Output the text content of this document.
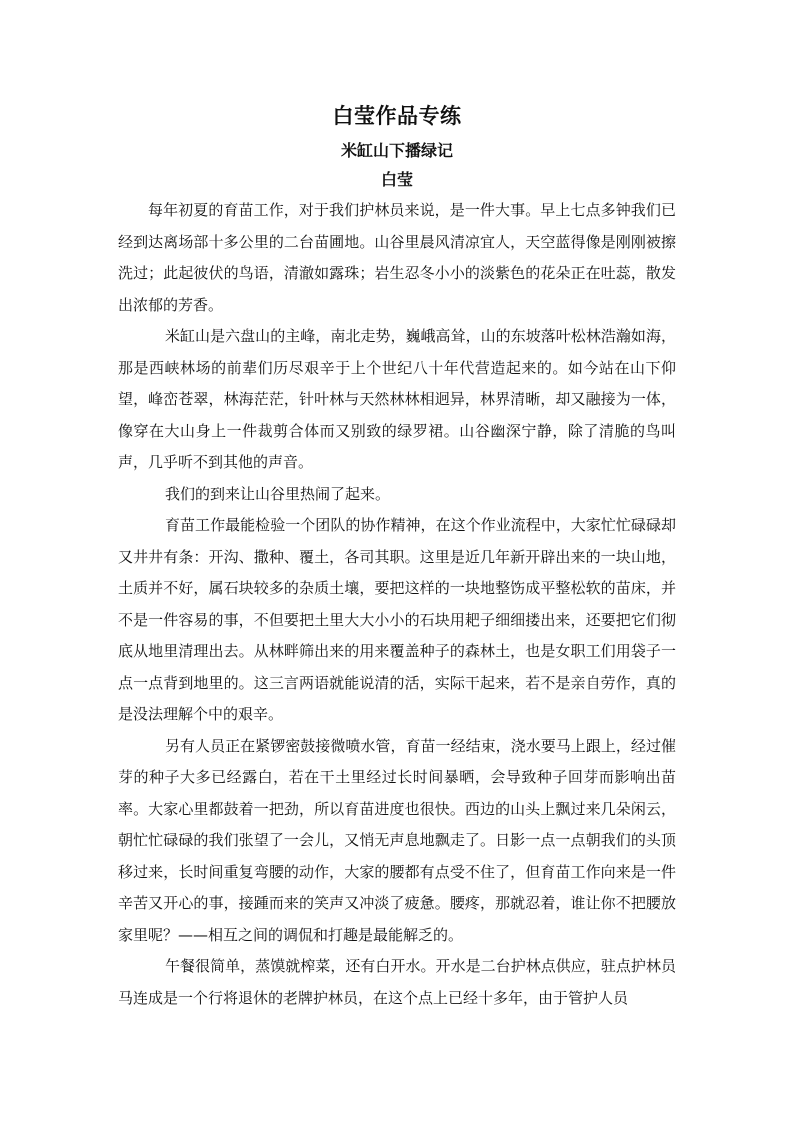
白莹作品专练
米缸山下播绿记
白莹

每年初夏的育苗工作，对于我们护林员来说，是一件大事。早上七点多钟我们已经到达离场部十多公里的二台苗圃地。山谷里晨风清凉宜人，天空蓝得像是刚刚被擦洗过；此起彼伏的鸟语，清澈如露珠；岩生忍冬小小的淡紫色的花朵正在吐蕊，散发出浓郁的芳香。

米缸山是六盘山的主峰，南北走势，巍峨高耸，山的东坡落叶松林浩瀚如海，那是西峡林场的前辈们历尽艰辛于上个世纪八十年代营造起来的。如今站在山下仰望，峰峦苍翠，林海茫茫，针叶林与天然林林相迥异，林界清晰，却又融接为一体，像穿在大山身上一件裁剪合体而又别致的绿罗裙。山谷幽深宁静，除了清脆的鸟叫声，几乎听不到其他的声音。

我们的到来让山谷里热闹了起来。

育苗工作最能检验一个团队的协作精神，在这个作业流程中，大家忙忙碌碌却又井井有条：开沟、撒种、覆土，各司其职。这里是近几年新开辟出来的一块山地，土质并不好，属石块较多的杂质土壤，要把这样的一块地整饬成平整松软的苗床，并不是一件容易的事，不但要把土里大大小小的石块用耙子细细搂出来，还要把它们彻底从地里清理出去。从林畔筛出来的用来覆盖种子的森林土，也是女职工们用袋子一点一点背到地里的。这三言两语就能说清的活，实际干起来，若不是亲自劳作，真的是没法理解个中的艰辛。

另有人员正在紧锣密鼓接微喷水管，育苗一经结束，浇水要马上跟上，经过催芽的种子大多已经露白，若在干土里经过长时间暴晒，会导致种子回芽而影响出苗率。大家心里都鼓着一把劲，所以育苗进度也很快。西边的山头上飘过来几朵闲云，朝忙忙碌碌的我们张望了一会儿，又悄无声息地飘走了。日影一点一点朝我们的头顶移过来，长时间重复弯腰的动作，大家的腰都有点受不住了，但育苗工作向来是一件辛苦又开心的事，接踵而来的笑声又冲淡了疲惫。腰疼，那就忍着，谁让你不把腰放家里呢？——相互之间的调侃和打趣是最能解乏的。

午餐很简单，蒸馍就榨菜，还有白开水。开水是二台护林点供应，驻点护林员马连成是一个行将退休的老牌护林员，在这个点上已经十多年，由于管护人员
